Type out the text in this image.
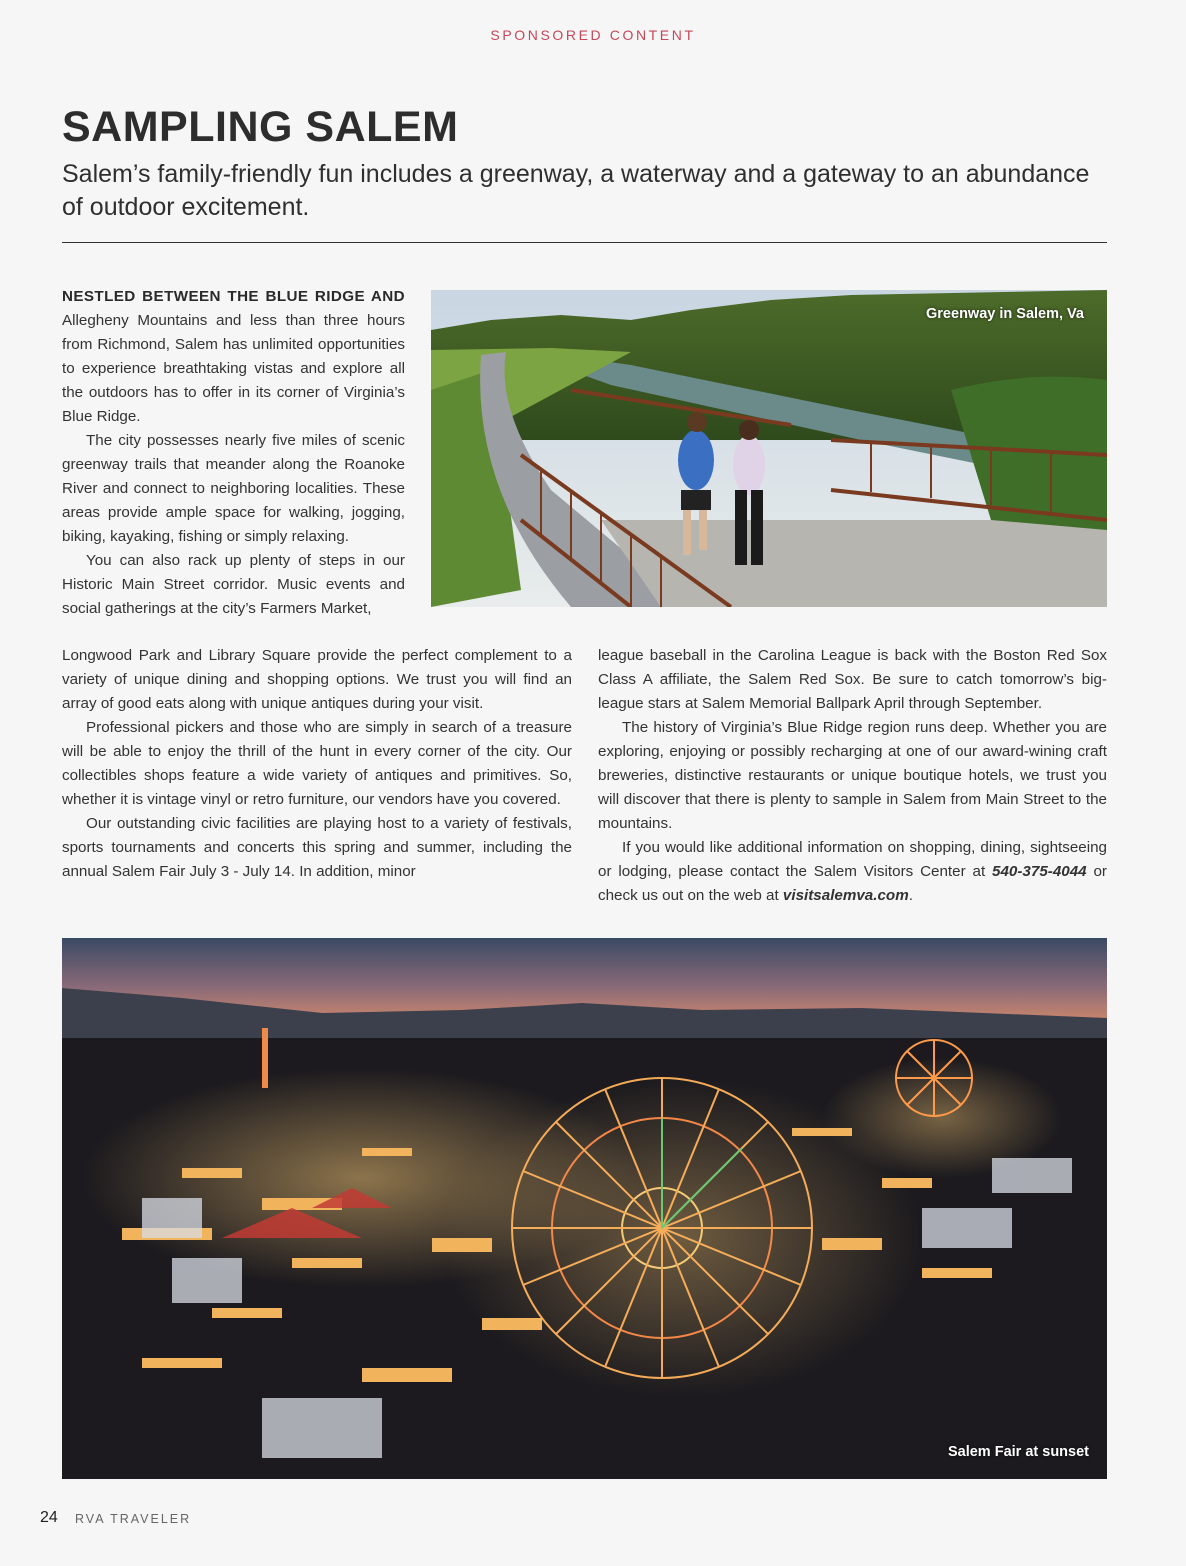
SPONSORED CONTENT
SAMPLING SALEM

Salem’s family-friendly fun includes a greenway, a waterway and a gateway to an abundance of outdoor excitement.

NESTLED BETWEEN THE BLUE RIDGE AND Allegheny Mountains and less than three hours from Richmond, Salem has unlimited opportunities to experience breathtaking vistas and explore all the outdoors has to offer in its corner of Virginia’s Blue Ridge.

The city possesses nearly five miles of scenic greenway trails that meander along the Roanoke River and connect to neighboring localities. These areas provide ample space for walking, jogging, biking, kayaking, fishing or simply relaxing.

You can also rack up plenty of steps in our Historic Main Street corridor. Music events and social gatherings at the city’s Farmers Market,

Greenway in Salem, Va

Longwood Park and Library Square provide the perfect complement to a variety of unique dining and shopping options. We trust you will find an array of good eats along with unique antiques during your visit.

Professional pickers and those who are simply in search of a treasure will be able to enjoy the thrill of the hunt in every corner of the city. Our collectibles shops feature a wide variety of antiques and primitives. So, whether it is vintage vinyl or retro furniture, our vendors have you covered.

Our outstanding civic facilities are playing host to a variety of festivals, sports tournaments and concerts this spring and summer, including the annual Salem Fair July 3 - July 14. In addition, minor

league baseball in the Carolina League is back with the Boston Red Sox Class A affiliate, the Salem Red Sox. Be sure to catch tomorrow’s big-league stars at Salem Memorial Ballpark April through September.

The history of Virginia’s Blue Ridge region runs deep. Whether you are exploring, enjoying or possibly recharging at one of our award-wining craft breweries, distinctive restaurants or unique boutique hotels, we trust you will discover that there is plenty to sample in Salem from Main Street to the mountains.

If you would like additional information on shopping, dining, sightseeing or lodging, please contact the Salem Visitors Center at 540-375-4044 or check us out on the web at visitsalemva.com.

Salem Fair at sunset
24 RVA TRAVELER
